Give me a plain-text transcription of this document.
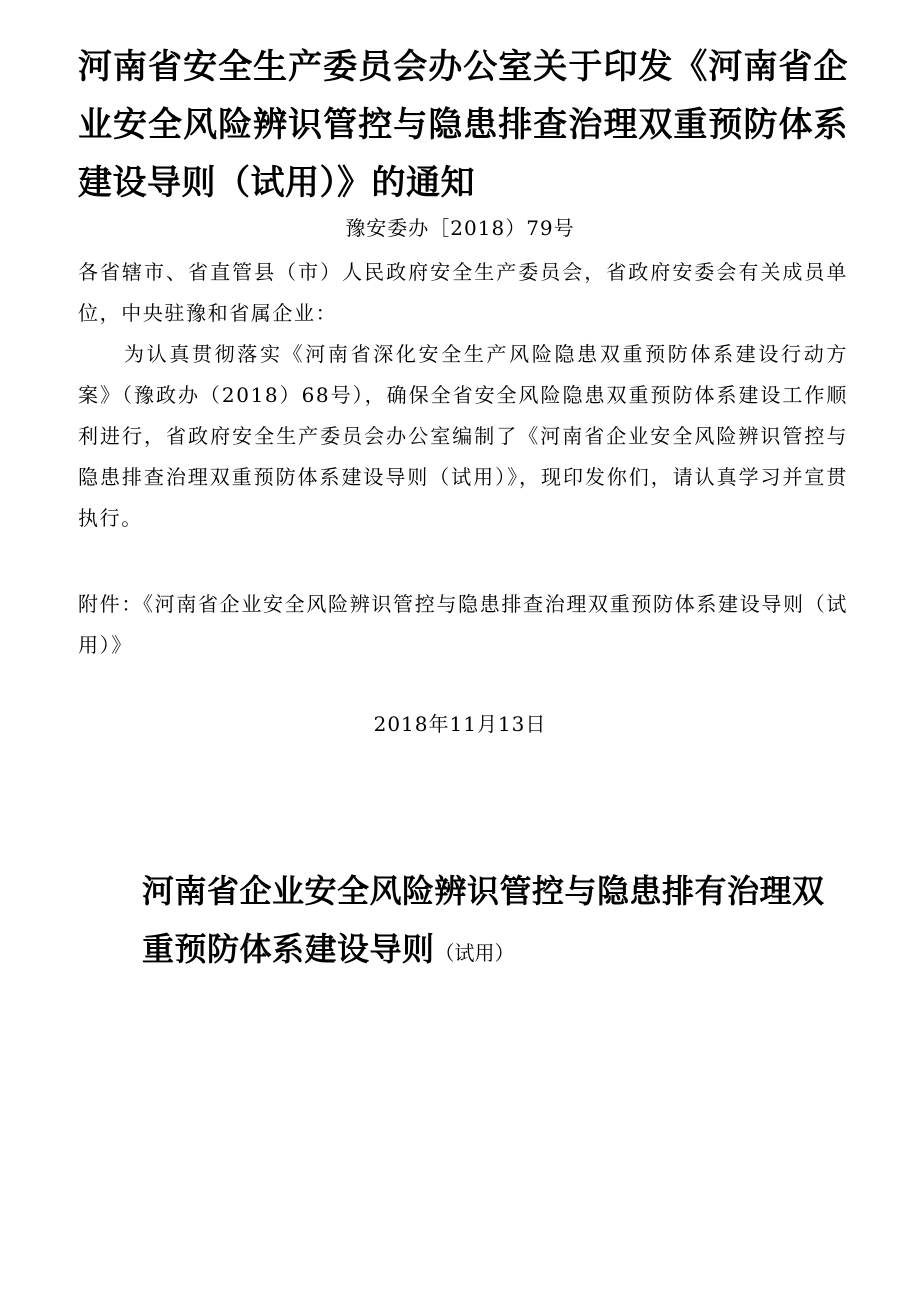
河南省安全生产委员会办公室关于印发《河南省企业安全风险辨识管控与隐患排查治理双重预防体系建设导则（试用）》的通知
豫安委办［2018）79号

各省辖市、省直管县（市）人民政府安全生产委员会，省政府安委会有关成员单位，中央驻豫和省属企业：

为认真贯彻落实《河南省深化安全生产风险隐患双重预防体系建设行动方案》（豫政办（2018）68号），确保全省安全风险隐患双重预防体系建设工作顺利进行，省政府安全生产委员会办公室编制了《河南省企业安全风险辨识管控与隐患排查治理双重预防体系建设导则（试用）》，现印发你们，请认真学习并宣贯执行。

附件：《河南省企业安全风险辨识管控与隐患排查治理双重预防体系建设导则（试用）》

2018年11月13日
河南省企业安全风险辨识管控与隐患排有治理双重预防体系建设导则（试用）
